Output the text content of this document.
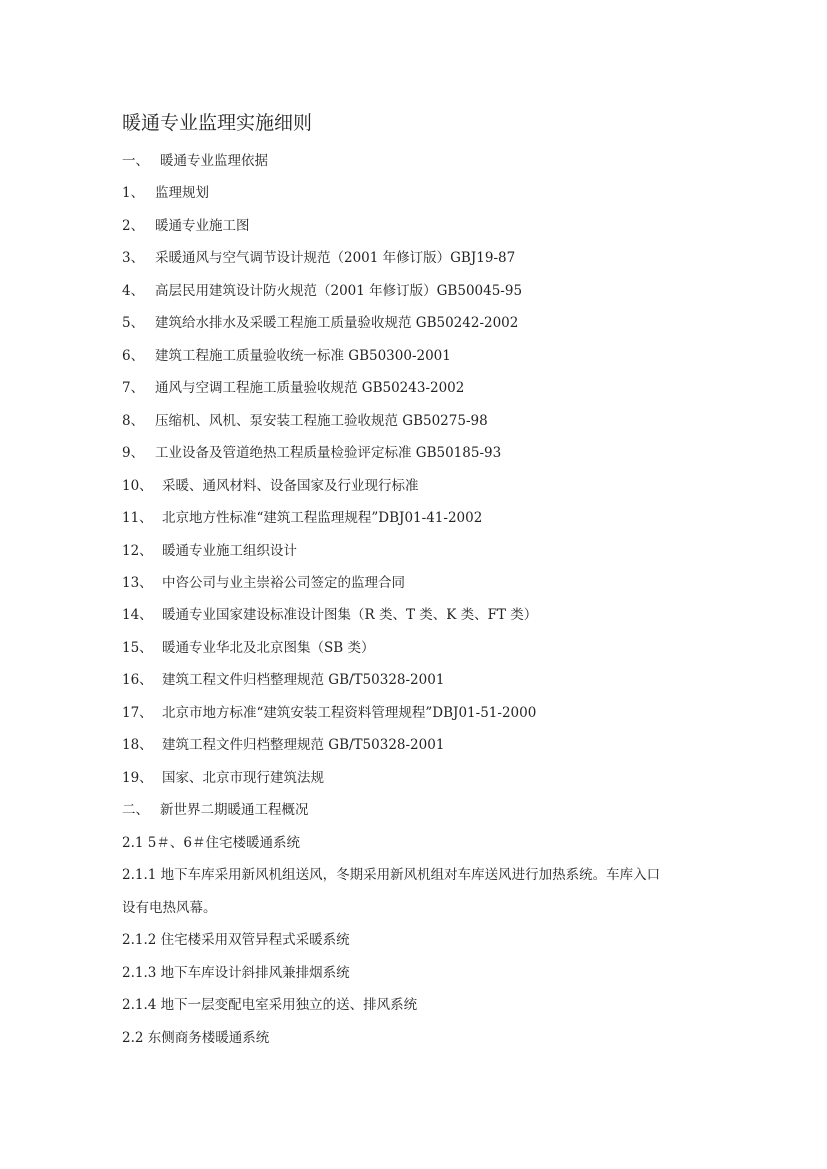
暖通专业监理实施细则
一、 暖通专业监理依据
1、 监理规划
2、 暖通专业施工图
3、 采暖通风与空气调节设计规范（2001 年修订版）GBJ19-87
4、 高层民用建筑设计防火规范（2001 年修订版）GB50045-95
5、 建筑给水排水及采暖工程施工质量验收规范 GB50242-2002
6、 建筑工程施工质量验收统一标准 GB50300-2001
7、 通风与空调工程施工质量验收规范 GB50243-2002
8、 压缩机、风机、泵安装工程施工验收规范 GB50275-98
9、 工业设备及管道绝热工程质量检验评定标准 GB50185-93
10、 采暖、通风材料、设备国家及行业现行标准
11、 北京地方性标准“建筑工程监理规程”DBJ01-41-2002
12、 暖通专业施工组织设计
13、 中咨公司与业主崇裕公司签定的监理合同
14、 暖通专业国家建设标准设计图集（R 类、T 类、K 类、FT 类）
15、 暖通专业华北及北京图集（SB 类）
16、 建筑工程文件归档整理规范 GB/T50328-2001
17、 北京市地方标准“建筑安装工程资料管理规程”DBJ01-51-2000
18、 建筑工程文件归档整理规范 GB/T50328-2001
19、 国家、北京市现行建筑法规
二、 新世界二期暖通工程概况
2.1 5＃、6＃住宅楼暖通系统
2.1.1 地下车库采用新风机组送风，冬期采用新风机组对车库送风进行加热系统。车库入口
设有电热风幕。
2.1.2 住宅楼采用双管异程式采暖系统
2.1.3 地下车库设计斜排风兼排烟系统
2.1.4 地下一层变配电室采用独立的送、排风系统
2.2 东侧商务楼暖通系统
